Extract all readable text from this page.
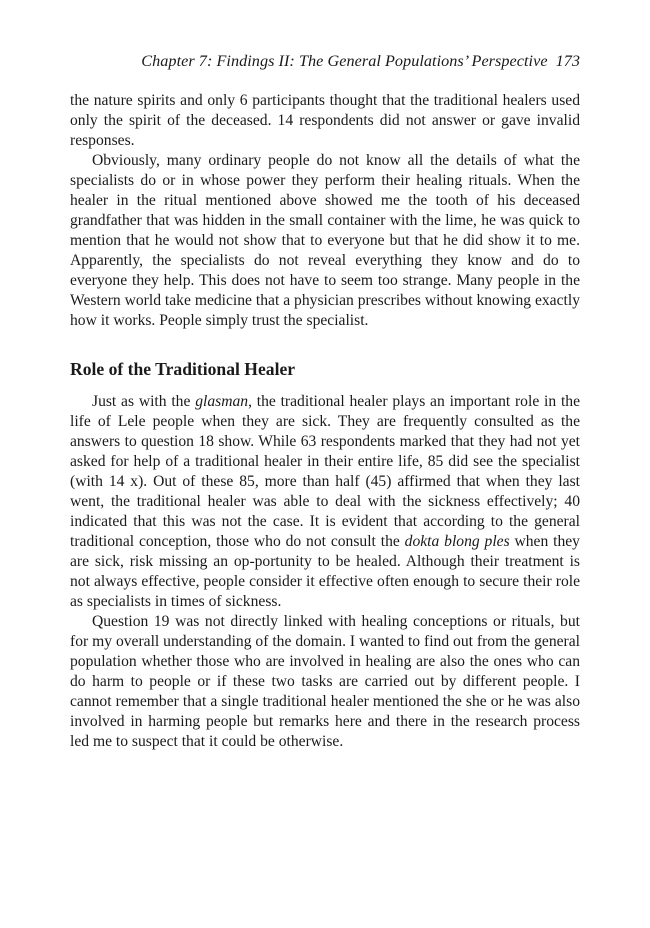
Chapter 7: Findings II: The General Populations’ Perspective 173

the nature spirits and only 6 participants thought that the traditional healers used only the spirit of the deceased. 14 respondents did not answer or gave invalid responses.

Obviously, many ordinary people do not know all the details of what the specialists do or in whose power they perform their healing rituals. When the healer in the ritual mentioned above showed me the tooth of his deceased grandfather that was hidden in the small container with the lime, he was quick to mention that he would not show that to everyone but that he did show it to me. Apparently, the specialists do not reveal everything they know and do to everyone they help. This does not have to seem too strange. Many people in the Western world take medicine that a physician prescribes without knowing exactly how it works. People simply trust the specialist.

Role of the Traditional Healer

Just as with the glasman, the traditional healer plays an important role in the life of Lele people when they are sick. They are frequently consulted as the answers to question 18 show. While 63 respondents marked that they had not yet asked for help of a traditional healer in their entire life, 85 did see the specialist (with 14 x). Out of these 85, more than half (45) affirmed that when they last went, the traditional healer was able to deal with the sickness effectively; 40 indicated that this was not the case. It is evident that according to the general traditional conception, those who do not consult the dokta blong ples when they are sick, risk missing an op-portunity to be healed. Although their treatment is not always effective, people consider it effective often enough to secure their role as specialists in times of sickness.

Question 19 was not directly linked with healing conceptions or rituals, but for my overall understanding of the domain. I wanted to find out from the general population whether those who are involved in healing are also the ones who can do harm to people or if these two tasks are carried out by different people. I cannot remember that a single traditional healer mentioned the she or he was also involved in harming people but remarks here and there in the research process led me to suspect that it could be otherwise.
